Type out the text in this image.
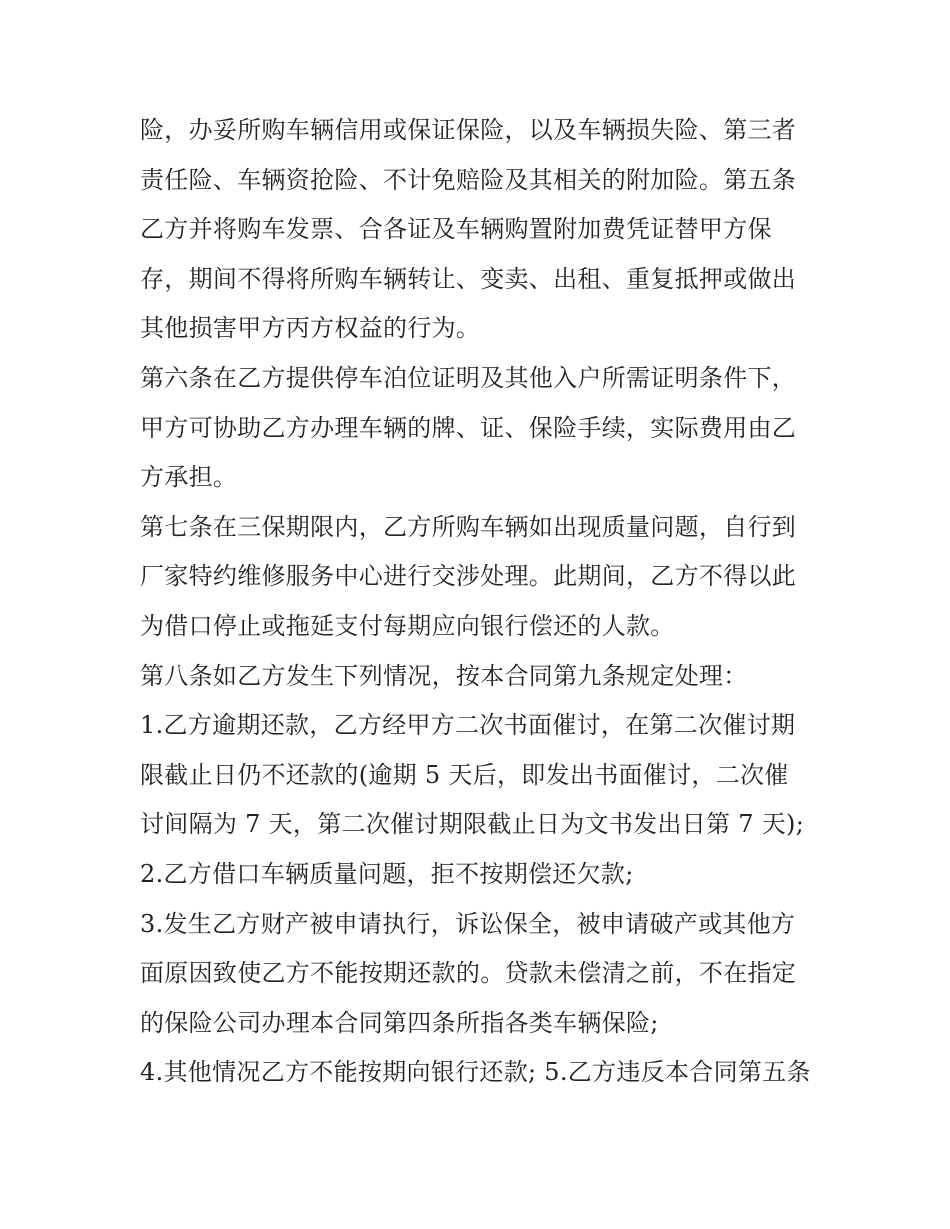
险，办妥所购车辆信用或保证保险，以及车辆损失险、第三者
责任险、车辆资抢险、不计免赔险及其相关的附加险。第五条
乙方并将购车发票、合各证及车辆购置附加费凭证替甲方保
存，期间不得将所购车辆转让、变卖、出租、重复抵押或做出
其他损害甲方丙方权益的行为。
第六条在乙方提供停车泊位证明及其他入户所需证明条件下，
甲方可协助乙方办理车辆的牌、证、保险手续，实际费用由乙
方承担。
第七条在三保期限内，乙方所购车辆如出现质量问题，自行到
厂家特约维修服务中心进行交涉处理。此期间，乙方不得以此
为借口停止或拖延支付每期应向银行偿还的人款。
第八条如乙方发生下列情况，按本合同第九条规定处理：
1.乙方逾期还款，乙方经甲方二次书面催讨，在第二次催讨期
限截止日仍不还款的(逾期 5 天后，即发出书面催讨，二次催
讨间隔为 7 天，第二次催讨期限截止日为文书发出日第 7 天);
2.乙方借口车辆质量问题，拒不按期偿还欠款;
3.发生乙方财产被申请执行，诉讼保全，被申请破产或其他方
面原因致使乙方不能按期还款的。贷款未偿清之前，不在指定
的保险公司办理本合同第四条所指各类车辆保险;
4.其他情况乙方不能按期向银行还款; 5.乙方违反本合同第五条
